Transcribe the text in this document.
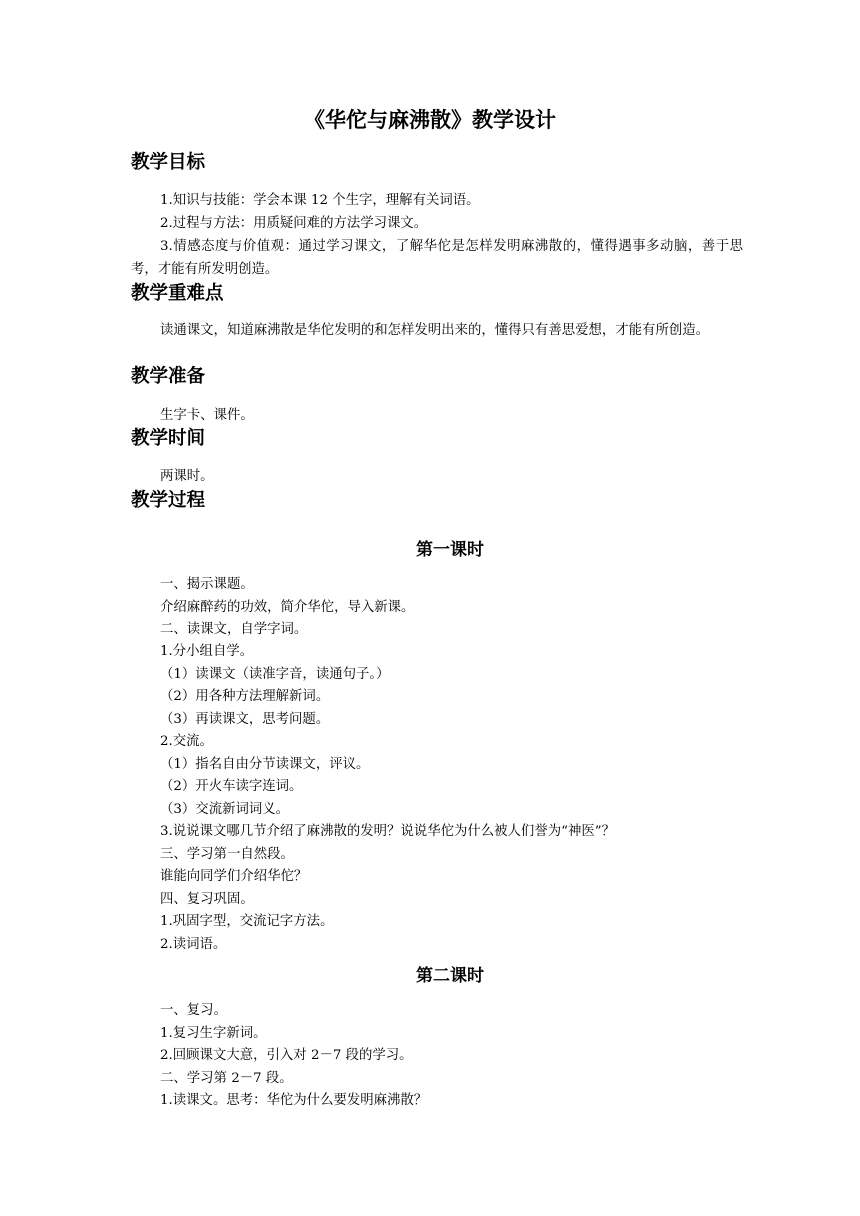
《华佗与麻沸散》教学设计
教学目标
1.知识与技能：学会本课 12 个生字，理解有关词语。
2.过程与方法：用质疑问难的方法学习课文。
3.情感态度与价值观：通过学习课文，了解华佗是怎样发明麻沸散的，懂得遇事多动脑，善于思考，才能有所发明创造。
教学重难点
读通课文，知道麻沸散是华佗发明的和怎样发明出来的，懂得只有善思爱想，才能有所创造。
教学准备
生字卡、课件。
教学时间
两课时。
教学过程
第一课时
一、揭示课题。
介绍麻醉药的功效，简介华佗，导入新课。
二、读课文，自学字词。
1.分小组自学。
（1）读课文（读准字音，读通句子。）
（2）用各种方法理解新词。
（3）再读课文，思考问题。
2.交流。
（1）指名自由分节读课文，评议。
（2）开火车读字连词。
（3）交流新词词义。
3.说说课文哪几节介绍了麻沸散的发明？说说华佗为什么被人们誉为“神医”？
三、学习第一自然段。
谁能向同学们介绍华佗？
四、复习巩固。
1.巩固字型，交流记字方法。
2.读词语。
第二课时
一、复习。
1.复习生字新词。
2.回顾课文大意，引入对 2－7 段的学习。
二、学习第 2－7 段。
1.读课文。思考：华佗为什么要发明麻沸散？
